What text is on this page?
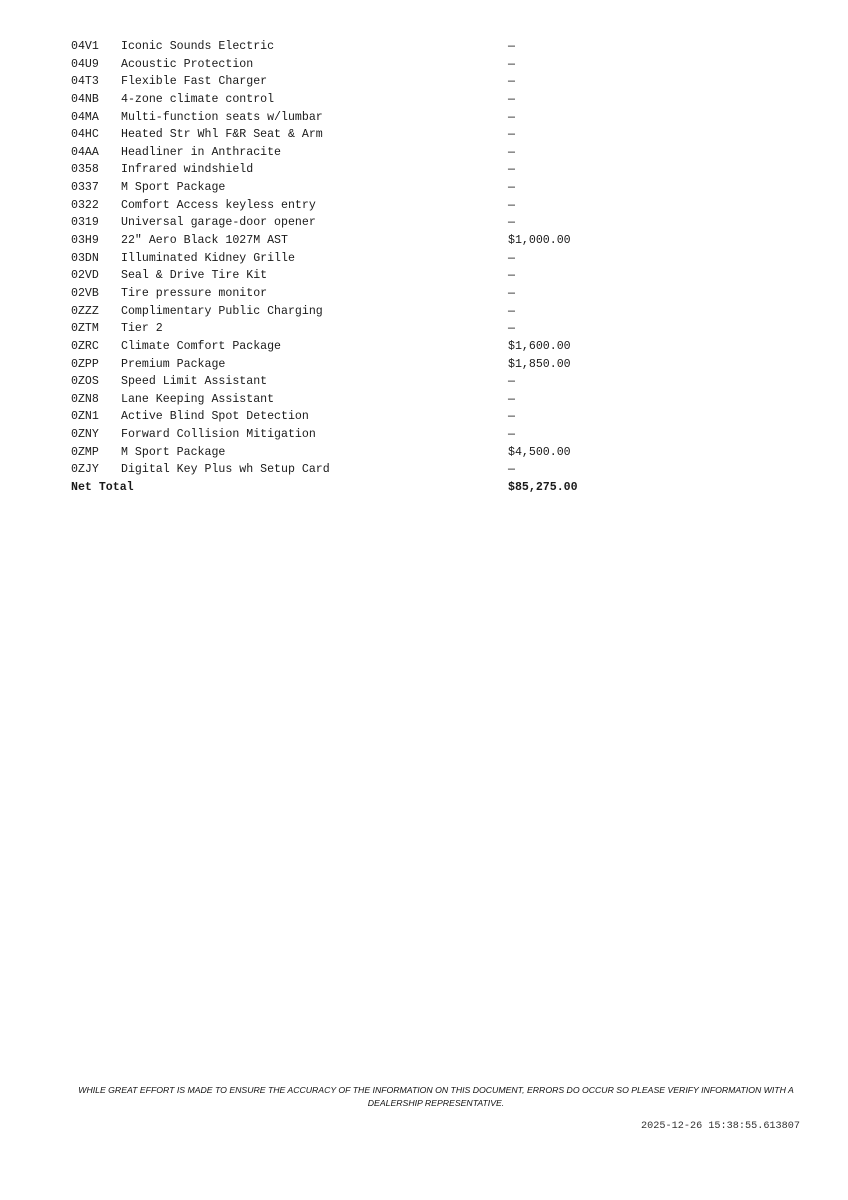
04V1 Iconic Sounds Electric	—
04U9 Acoustic Protection	—
04T3 Flexible Fast Charger	—
04NB 4-zone climate control	—
04MA Multi-function seats w/lumbar	—
04HC Heated Str Whl F&R Seat & Arm	—
04AA Headliner in Anthracite	—
0358 Infrared windshield	—
0337 M Sport Package	—
0322 Comfort Access keyless entry	—
0319 Universal garage-door opener	—
03H9 22" Aero Black 1027M AST	$1,000.00
03DN Illuminated Kidney Grille	—
02VD Seal & Drive Tire Kit	—
02VB Tire pressure monitor	—
0ZZZ Complimentary Public Charging	—
0ZTM Tier 2	—
0ZRC Climate Comfort Package	$1,600.00
0ZPP Premium Package	$1,850.00
0ZOS Speed Limit Assistant	—
0ZN8 Lane Keeping Assistant	—
0ZN1 Active Blind Spot Detection	—
0ZNY Forward Collision Mitigation	—
0ZMP M Sport Package	$4,500.00
0ZJY Digital Key Plus wh Setup Card	—
Net Total	$85,275.00
WHILE GREAT EFFORT IS MADE TO ENSURE THE ACCURACY OF THE INFORMATION ON THIS DOCUMENT, ERRORS DO OCCUR SO PLEASE VERIFY INFORMATION WITH A DEALERSHIP REPRESENTATIVE.
2025-12-26 15:38:55.613807
